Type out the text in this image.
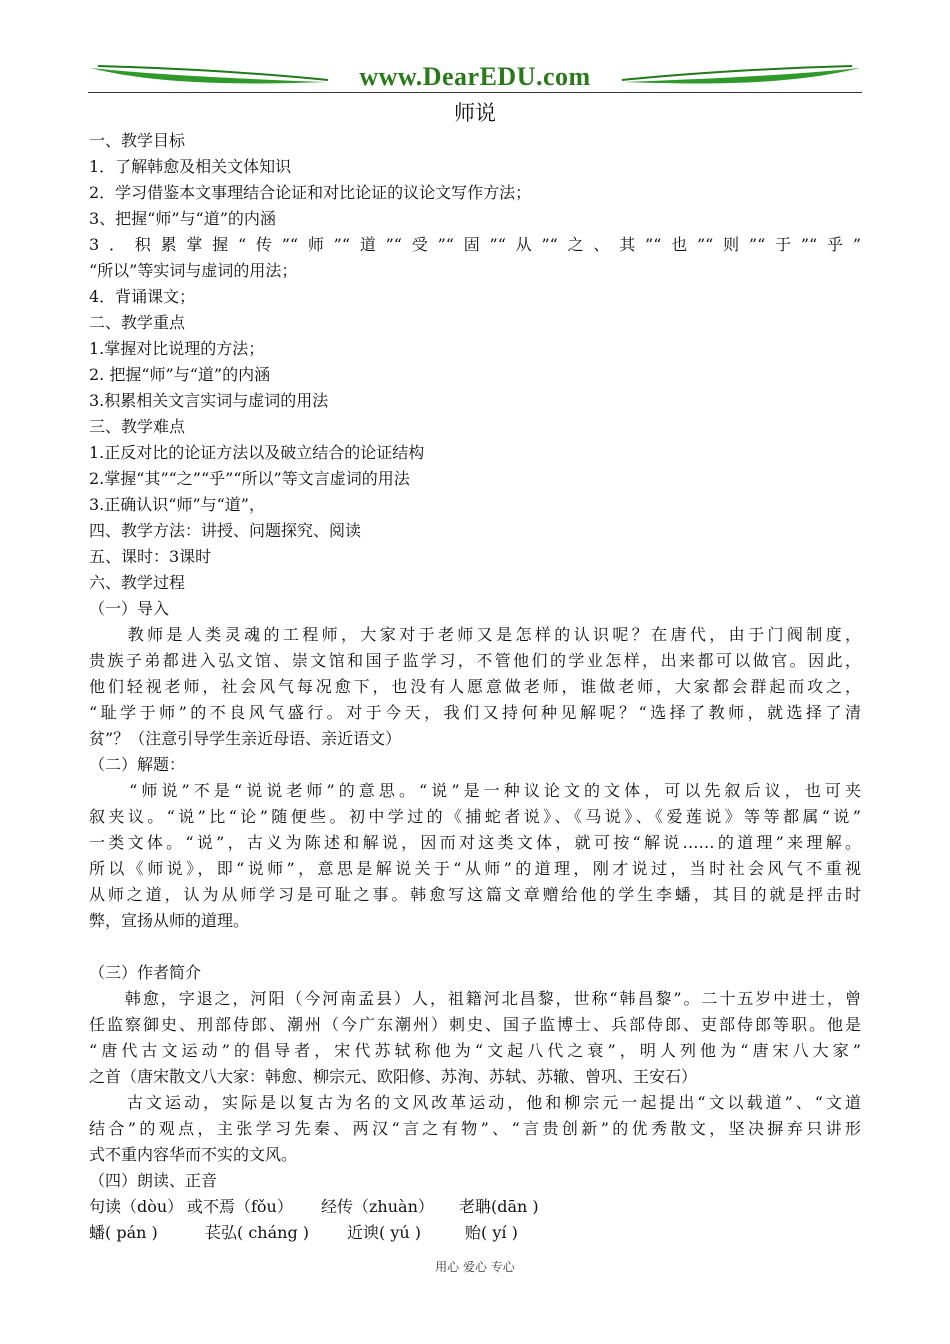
www.DearEDU.com
师说
一、教学目标
1．了解韩愈及相关文体知识
2．学习借鉴本文事理结合论证和对比论证的议论文写作方法；
3、把握“师”与“道”的内涵
3．积累掌握“传”“师”“道”“受”“固”“从”“之、其”“也”“则”“于”“乎”
“所以”等实词与虚词的用法；
4．背诵课文；
二、教学重点
1.掌握对比说理的方法；
2. 把握“师”与“道”的内涵
3.积累相关文言实词与虚词的用法
三、教学难点
1.正反对比的论证方法以及破立结合的论证结构
2.掌握“其”“之”“乎”“所以”等文言虚词的用法
3.正确认识“师”与“道”，
四、教学方法：讲授、问题探究、阅读
五、课时：3课时
六、教学过程
（一）导入
　　教师是人类灵魂的工程师，大家对于老师又是怎样的认识呢？在唐代，由于门阀制度，
贵族子弟都进入弘文馆、崇文馆和国子监学习，不管他们的学业怎样，出来都可以做官。因此，
他们轻视老师，社会风气每况愈下，也没有人愿意做老师，谁做老师，大家都会群起而攻之，
“耻学于师”的不良风气盛行。对于今天，我们又持何种见解呢？“选择了教师，就选择了清
贫”？（注意引导学生亲近母语、亲近语文）
（二）解题：
　　“师说”不是“说说老师”的意思。“说”是一种议论文的文体，可以先叙后议，也可夹
叙夹议。“说”比“论”随便些。初中学过的《捕蛇者说》、《马说》、《爱莲说》等等都属“说”
一类文体。“说”，古义为陈述和解说，因而对这类文体，就可按“解说……的道理”来理解。
所以《师说》，即“说师”，意思是解说关于“从师”的道理，刚才说过，当时社会风气不重视
从师之道，认为从师学习是可耻之事。韩愈写这篇文章赠给他的学生李蟠，其目的就是抨击时
弊，宣扬从师的道理。
（三）作者简介
　　韩愈，字退之，河阳（今河南孟县）人，祖籍河北昌黎，世称“韩昌黎”。二十五岁中进士，曾
任监察御史、刑部侍郎、潮州（今广东潮州）刺史、国子监博士、兵部侍郎、吏部侍郎等职。他是
“唐代古文运动”的倡导者，宋代苏轼称他为“文起八代之衰”，明人列他为“唐宋八大家”
之首（唐宋散文八大家：韩愈、柳宗元、欧阳修、苏洵、苏轼、苏辙、曾巩、王安石）
　　古文运动，实际是以复古为名的文风改革运动，他和柳宗元一起提出“文以载道”、“文道
结合”的观点，主张学习先秦、两汉“言之有物”、“言贵创新”的优秀散文，坚决摒弃只讲形
式不重内容华而不实的文风。
（四）朗读、正音
句读（dòu） 或不焉（fǒu） 经传（zhuàn） 老聃(dān )
蟠( pán )	苌弘( cháng ) 近谀( yú )	贻( yí )
用心 爱心 专心
